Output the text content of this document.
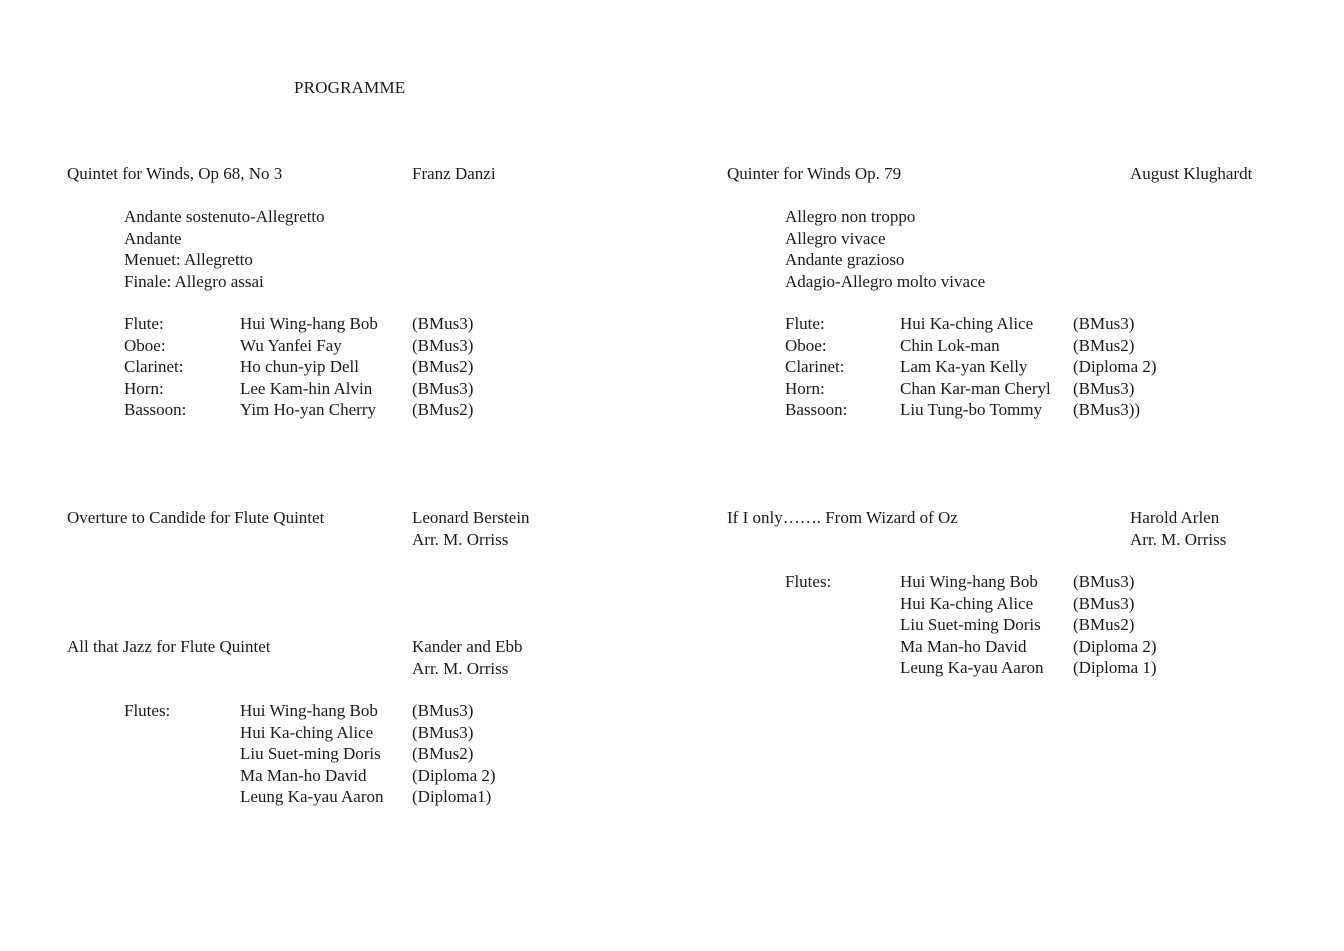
PROGRAMME
Quintet for Winds, Op 68, No 3	Franz Danzi
Andante sostenuto-Allegretto
Andante
Menuet: Allegretto
Finale: Allegro assai
Flute:	Hui Wing-hang Bob (BMus3)
Oboe:	Wu Yanfei Fay	(BMus3)
Clarinet:	Ho chun-yip Dell	(BMus2)
Horn:	Lee Kam-hin Alvin (BMus3)
Bassoon:	Yim Ho-yan Cherry (BMus2)
Quinter for Winds Op. 79	August Klughardt
Allegro non troppo
Allegro vivace
Andante grazioso
Adagio-Allegro molto vivace
Flute:	Hui Ka-ching Alice (BMus3)
Oboe:	Chin Lok-man	(BMus2)
Clarinet:	Lam Ka-yan Kelly	(Diploma 2)
Horn:	Chan Kar-man Cheryl (BMus3)
Bassoon:	Liu Tung-bo Tommy (BMus3))
Overture to Candide for Flute Quintet	Leonard Berstein
Arr. M. Orriss
If I only……. From Wizard of Oz	Harold Arlen
Arr. M. Orriss
Flutes:	Hui Wing-hang Bob (BMus3)
Hui Ka-ching Alice (BMus3)
Liu Suet-ming Doris (BMus2)
Ma Man-ho David	(Diploma 2)
Leung Ka-yau Aaron (Diploma 1)
All that Jazz for Flute Quintet	Kander and Ebb
Arr. M. Orriss
Flutes:	Hui Wing-hang Bob (BMus3)
Hui Ka-ching Alice (BMus3)
Liu Suet-ming Doris (BMus2)
Ma Man-ho David	(Diploma 2)
Leung Ka-yau Aaron (Diploma1)
